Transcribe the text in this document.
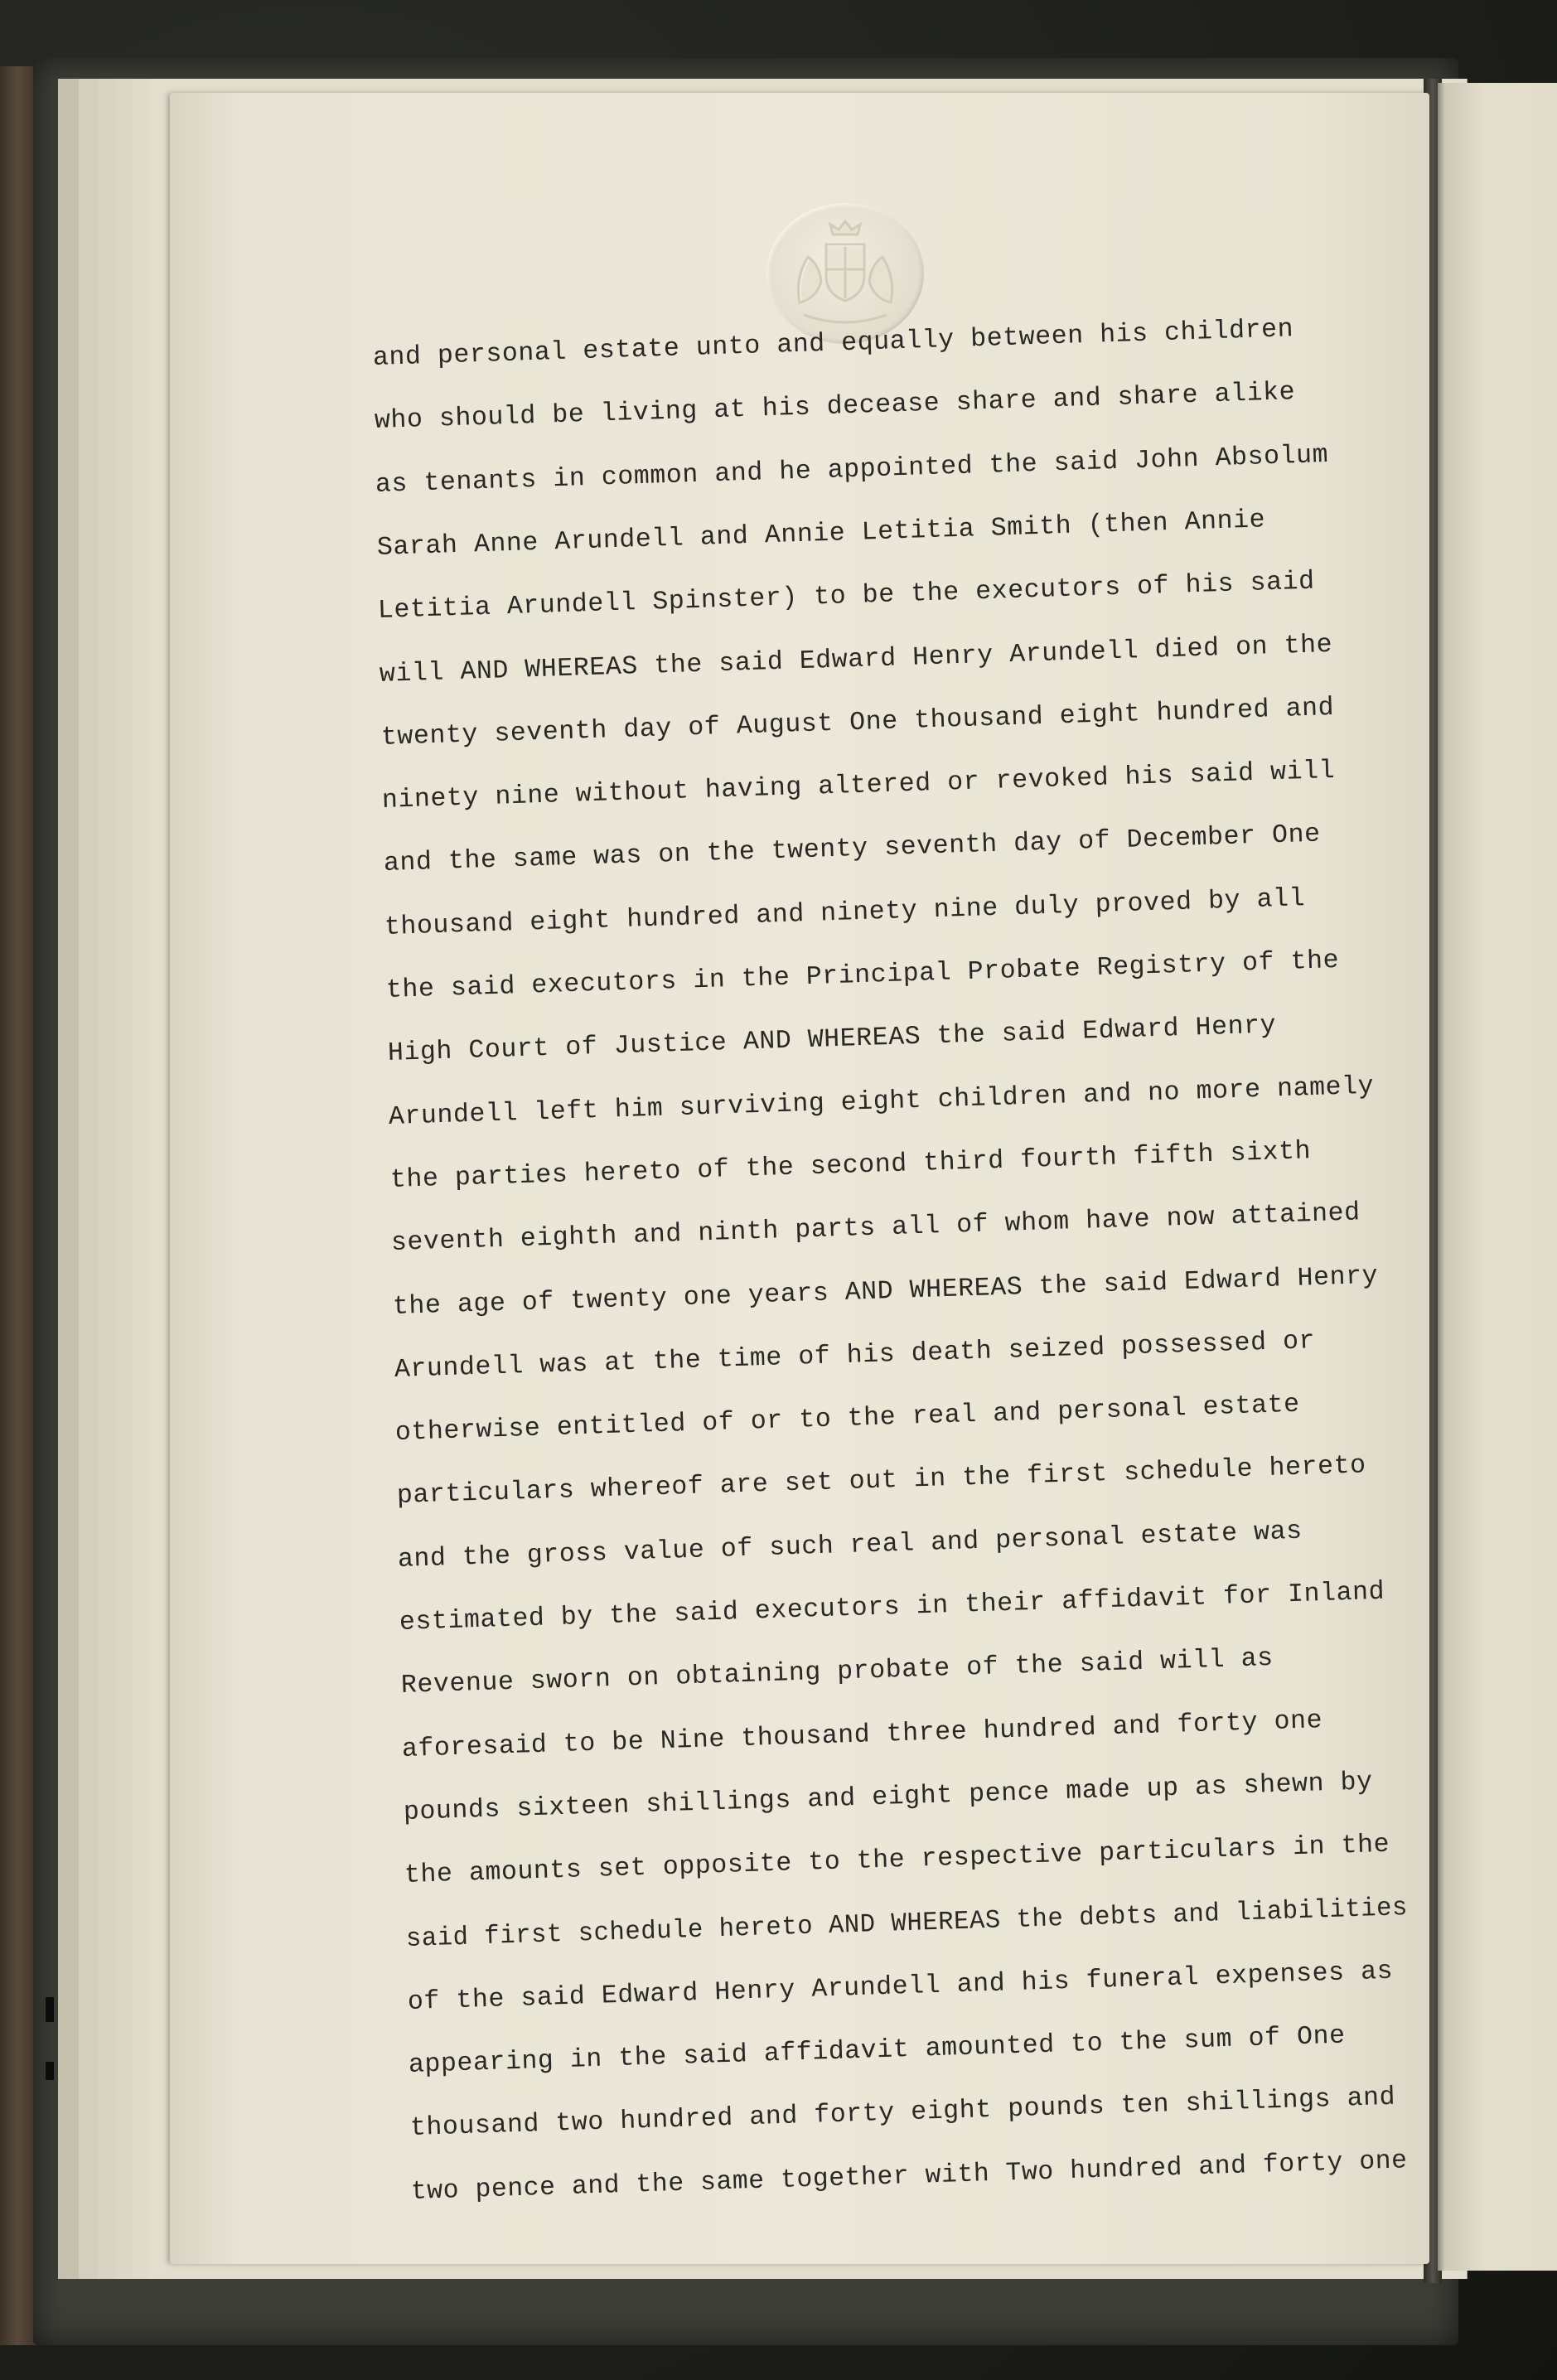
and personal estate unto and equally between his children
who should be living at his decease share and share alike
as tenants in common and he appointed the said John Absolum
Sarah Anne Arundell and Annie Letitia Smith (then Annie
Letitia Arundell Spinster) to be the executors of his said
will AND WHEREAS the said Edward Henry Arundell died on the
twenty seventh day of August One thousand eight hundred and
ninety nine without having altered or revoked his said will
and the same was on the twenty seventh day of December One
thousand eight hundred and ninety nine duly proved by all
the said executors in the Principal Probate Registry of the
High Court of Justice AND WHEREAS the said Edward Henry
Arundell left him surviving eight children and no more namely
the parties hereto of the second third fourth fifth sixth
seventh eighth and ninth parts all of whom have now attained
the age of twenty one years AND WHEREAS the said Edward Henry
Arundell was at the time of his death seized possessed or
otherwise entitled of or to the real and personal estate
particulars whereof are set out in the first schedule hereto
and the gross value of such real and personal estate was
estimated by the said executors in their affidavit for Inland
Revenue sworn on obtaining probate of the said will as
aforesaid to be Nine thousand three hundred and forty one
pounds sixteen shillings and eight pence made up as shewn by
the amounts set opposite to the respective particulars in the
said first schedule hereto AND WHEREAS the debts and liabilities
of the said Edward Henry Arundell and his funeral expenses as
appearing in the said affidavit amounted to the sum of One
thousand two hundred and forty eight pounds ten shillings and
two pence and the same together with Two hundred and forty one
